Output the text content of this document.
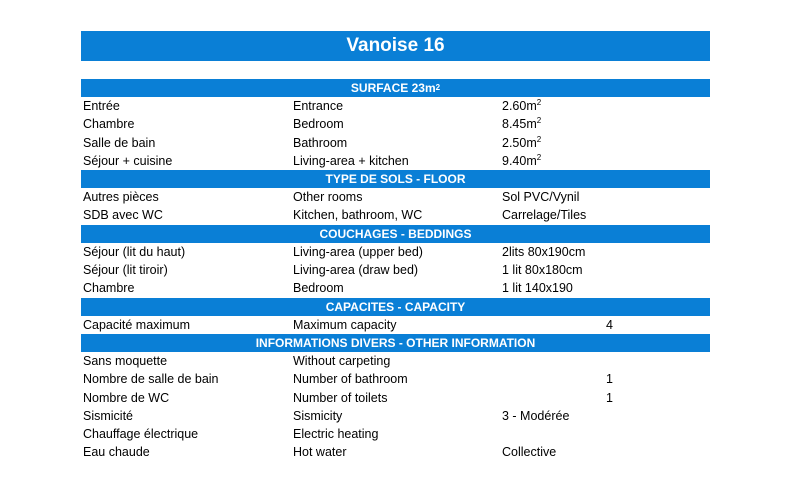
Vanoise 16
SURFACE 23m 2
Entrée	Entrance	$2.60m^2$
Chambre	Bedroom	$8.45m^2$
Salle de bain	Bathroom	$2.50m^2$
Séjour + cuisine	Living-area + kitchen	$9.40m^2$
TYPE DE SOLS - FLOOR
Autres pièces	Other rooms	Sol PVC/Vynil
SDB avec WC	Kitchen, bathroom, WC	Carrelage/Tiles
COUCHAGES - BEDDINGS
Séjour (lit du haut)	Living-area (upper bed)	2lits 80x190cm
Séjour (lit tiroir)	Living-area (draw bed)	1 lit 80x180cm
Chambre	Bedroom	1 lit 140x190
CAPACITES - CAPACITY
Capacité maximum	Maximum capacity	4
INFORMATIONS DIVERS - OTHER INFORMATION
Sans moquette	Without carpeting
Nombre de salle de bain	Number of bathroom	1
Nombre de WC	Number of toilets	1
Sismicité	Sismicity	3 - Modérée
Chauffage électrique	Electric heating
Eau chaude	Hot water	Collective
